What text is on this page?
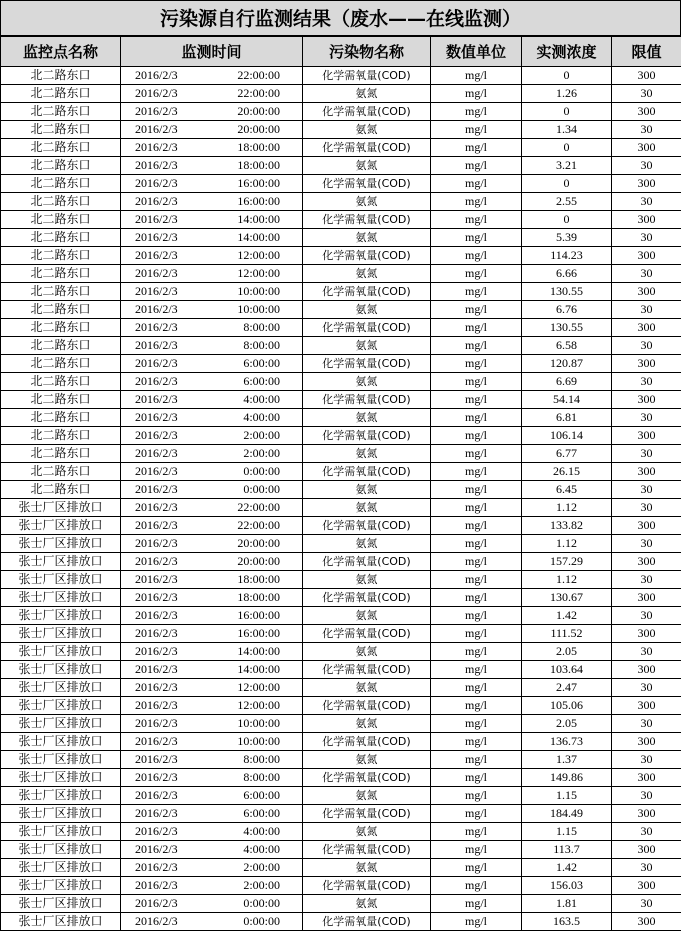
污染源自行监测结果（废水——在线监测）
监控点名称	监测时间	污染物名称	数值单位	实测浓度	限值
北二路东口	2016/2/3 22:00:00	化学需氧量(COD)	mg/l	0	300
北二路东口	2016/2/3 22:00:00	氨氮	mg/l	1.26	30
北二路东口	2016/2/3 20:00:00	化学需氧量(COD)	mg/l	0	300
北二路东口	2016/2/3 20:00:00	氨氮	mg/l	1.34	30
北二路东口	2016/2/3 18:00:00	化学需氧量(COD)	mg/l	0	300
北二路东口	2016/2/3 18:00:00	氨氮	mg/l	3.21	30
北二路东口	2016/2/3 16:00:00	化学需氧量(COD)	mg/l	0	300
北二路东口	2016/2/3 16:00:00	氨氮	mg/l	2.55	30
北二路东口	2016/2/3 14:00:00	化学需氧量(COD)	mg/l	0	300
北二路东口	2016/2/3 14:00:00	氨氮	mg/l	5.39	30
北二路东口	2016/2/3 12:00:00	化学需氧量(COD)	mg/l	114.23	300
北二路东口	2016/2/3 12:00:00	氨氮	mg/l	6.66	30
北二路东口	2016/2/3 10:00:00	化学需氧量(COD)	mg/l	130.55	300
北二路东口	2016/2/3 10:00:00	氨氮	mg/l	6.76	30
北二路东口	2016/2/3 8:00:00	化学需氧量(COD)	mg/l	130.55	300
北二路东口	2016/2/3 8:00:00	氨氮	mg/l	6.58	30
北二路东口	2016/2/3 6:00:00	化学需氧量(COD)	mg/l	120.87	300
北二路东口	2016/2/3 6:00:00	氨氮	mg/l	6.69	30
北二路东口	2016/2/3 4:00:00	化学需氧量(COD)	mg/l	54.14	300
北二路东口	2016/2/3 4:00:00	氨氮	mg/l	6.81	30
北二路东口	2016/2/3 2:00:00	化学需氧量(COD)	mg/l	106.14	300
北二路东口	2016/2/3 2:00:00	氨氮	mg/l	6.77	30
北二路东口	2016/2/3 0:00:00	化学需氧量(COD)	mg/l	26.15	300
北二路东口	2016/2/3 0:00:00	氨氮	mg/l	6.45	30
张士厂区排放口	2016/2/3 22:00:00	氨氮	mg/l	1.12	30
张士厂区排放口	2016/2/3 22:00:00	化学需氧量(COD)	mg/l	133.82	300
张士厂区排放口	2016/2/3 20:00:00	氨氮	mg/l	1.12	30
张士厂区排放口	2016/2/3 20:00:00	化学需氧量(COD)	mg/l	157.29	300
张士厂区排放口	2016/2/3 18:00:00	氨氮	mg/l	1.12	30
张士厂区排放口	2016/2/3 18:00:00	化学需氧量(COD)	mg/l	130.67	300
张士厂区排放口	2016/2/3 16:00:00	氨氮	mg/l	1.42	30
张士厂区排放口	2016/2/3 16:00:00	化学需氧量(COD)	mg/l	111.52	300
张士厂区排放口	2016/2/3 14:00:00	氨氮	mg/l	2.05	30
张士厂区排放口	2016/2/3 14:00:00	化学需氧量(COD)	mg/l	103.64	300
张士厂区排放口	2016/2/3 12:00:00	氨氮	mg/l	2.47	30
张士厂区排放口	2016/2/3 12:00:00	化学需氧量(COD)	mg/l	105.06	300
张士厂区排放口	2016/2/3 10:00:00	氨氮	mg/l	2.05	30
张士厂区排放口	2016/2/3 10:00:00	化学需氧量(COD)	mg/l	136.73	300
张士厂区排放口	2016/2/3 8:00:00	氨氮	mg/l	1.37	30
张士厂区排放口	2016/2/3 8:00:00	化学需氧量(COD)	mg/l	149.86	300
张士厂区排放口	2016/2/3 6:00:00	氨氮	mg/l	1.15	30
张士厂区排放口	2016/2/3 6:00:00	化学需氧量(COD)	mg/l	184.49	300
张士厂区排放口	2016/2/3 4:00:00	氨氮	mg/l	1.15	30
张士厂区排放口	2016/2/3 4:00:00	化学需氧量(COD)	mg/l	113.7	300
张士厂区排放口	2016/2/3 2:00:00	氨氮	mg/l	1.42	30
张士厂区排放口	2016/2/3 2:00:00	化学需氧量(COD)	mg/l	156.03	300
张士厂区排放口	2016/2/3 0:00:00	氨氮	mg/l	1.81	30
张士厂区排放口	2016/2/3 0:00:00	化学需氧量(COD)	mg/l	163.5	300
